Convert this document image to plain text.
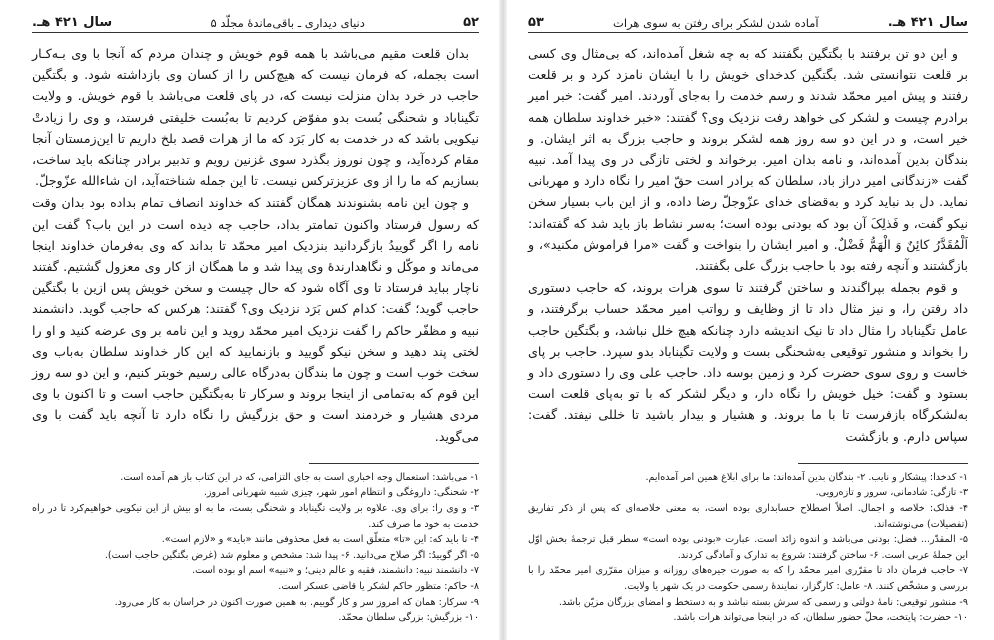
۵۲
دنیای دیداری ـ باقی‌ماندهٔ مجلّد ۵
سال ۴۲۱ هـ.

بدان قلعت مقیم می‌باشد با همه قوم خویش و چندان مردم که آنجا با وی بـه‌کـار است بجمله، که فرمان نیست که هیچ‌کس را از کسان وی بازداشته شود. و بگتگین حاجب در خرد بدان منزلت نیست که، در پای قلعت می‌باشد با قوم خویش. و ولایت تگیناباد و شحنگی بُست بدو مفوّض کردیم تا به‌بُست خلیفتی فرستد، و وی را زیادتْ نیکویی باشد که در خدمت به کار بَرَد که ما از هرات قصد بلخ داریم تا این‌زمستان آنجا مقام کرده‌آید، و چون نوروز بگذرد سوی غزنین رویم و تدبیر برادر چنانکه باید ساخت، بسازیم که ما را از وی عزیزترکس نیست. تا این جمله شناخته‌آید، ان شاءالله عزّوجلّ.

و چون این نامه بشنوندند همگان گفتند که خداوند انصاف تمام بداده بود بدان وقت که رسول فرستاد واکنون تمامتر بداد، حاجب چه دیده است در این باب؟ گفت این نامه را اگر گوییدُ بازگردانید بنزدیک امیر محمّد تا بداند که وی به‌فرمان خداوند اینجا می‌ماند و موکّل و نگاهدارندهٔ وی پیدا شد و ما همگان از کار وی معزول گشتیم. گفتند ناچار بباید فرستاد تا وی آگاه شود که حال چیست و سخن خویش پس ازین با بگتگین حاجب گوید؛ گفت: کدام کس بَرَد نزدیک وی؟ گفتند: هرکس که حاجب گوید. دانشمند نبیه و مظفّر حاکم را گفت نزدیک امیر محمّد روید و این نامه بر وی عرضه کنید و او را لختی پند دهید و سخن نیکو گویید و بازنمایید که این کار خداوند سلطان به‌باب وی سخت خوب است و چون ما بندگان به‌درگاه عالی رسیم خوبتر کنیم، و این دو سه روز این قوم که به‌تمامی از اینجا بروند و سرکار تا به‌بگتگین حاجب است و تا اکنون با وی مردی هشیار و خردمند است و حق بزرگیش را نگاه دارد تا آنچه باید گفت با وی می‌گوید.

۱- می‌باشد: استعمال وجه اخباری است به جای التزامی، که در این کتاب باز هم آمده است.
۲- شحنگی: داروغگی و انتظام امور شهر، چیزی شبیه شهربانی امروز.
۳- و وی را: برای وی. علاوه بر ولایت تگیناباد و شحنگی بست، ما به او بیش از این نیکویی خواهیم‌کرد تا در راه خدمت به خود ما صرف کند.
۴- تا باید که: این «تا» متعلّق است به فعل محذوفی مانند «باید» و «لازم است».
۵- اگر گوییدُ: اگر صلاح می‌دانید. ۶- پیدا شد: مشخص و معلوم شد (غرض بگتگین حاجب است).
۷- دانشمند نبیه: دانشمند، فقیه و عالم دینی؛ و «نبیه» اسم او بوده است.
۸- حاکم: متظور حاکم لشکر یا قاضی عسکر است.
۹- سرکار: همان که امروز سر و کار گوییم. به همین صورت اکنون در خراسان به کار می‌رود.
۱۰- بزرگیش: بزرگی سلطان محمّد.
سال ۴۲۱ هـ.
آماده شدن لشکر برای رفتن به سوی هرات
۵۳

و این دو تن برفتند با بگتگین بگفتند که به چه شغل آمده‌اند، که بی‌مثال وی کسی بر قلعت نتوانستی شد. بگتگین کدخدای خویش را با ایشان نامزد کرد و بر قلعت رفتند و پیش امیر محمّد شدند و رسم خدمت را به‌جای آوردند. امیر گفت: خبر امیر برادرم چیست و لشکر کی خواهد رفت نزدیک وی؟ گفتند: «خبر خداوند سلطان همه خیر است، و در این دو سه روز همه لشکر بروند و حاجب بزرگ به اثر ایشان. و بندگان بدین آمده‌اند، و نامه بدان امیر. برخواند و لختی تازگی در وی پیدا آمد. نبیه گفت «زندگانی امیر دراز باد، سلطان که برادر است حقّ امیر را نگاه دارد و مهربانی نماید. دل بد نباید کرد و به‌قضای خدای عزّوجلّ رضا داده، و از این باب بسیار سخن نیکو گفت، و فَذلِکَ آن بود که بودنی بوده است؛ به‌سر نشاط باز باید شد که گفته‌اند: اَلْمُقَدَّرُ کائِنٌ وَ الْهَمُّ فَضْلٌ. و امیر ایشان را بنواخت و گفت «مرا فراموش مکنید»، و بازگشتند و آنچه رفته بود با حاجب بزرگ علی بگفتند.

و قوم بجمله بپراگندند و ساختن گرفتند تا سوی هرات بروند، که حاجب دستوری داد رفتن را، و نیز مثال داد تا از وظایف و رواتب امیر محمّد حساب برگرفتند، و عامل تگیناباد را مثال داد تا نیک اندیشه دارد چنانکه هیچ خلل نباشد، و بگتگین حاجب را بخواند و منشور توقیعی به‌شحنگی بست و ولایت تگیناباد بدو سپرد. حاجب بر پای خاست و روی سوی حضرت کرد و زمین بوسه داد. حاجب علی وی را دستوری داد و بستود و گفت: خیل خویش را نگاه دار، و دیگر لشکر که با تو به‌پای قلعت است به‌لشکرگاه بازفرست تا با ما بروند. و هشیار و بیدار باشید تا خللی نیفتد. گفت: سپاس دارم. و بازگشت

۱- کدخدا: پیشکار و نایب. ۲- بندگان بدین آمده‌اند: ما برای ابلاغ همین امر آمده‌ایم.
۳- تازگی: شادمانی، سرور و تازه‌رویی.
۴- فذلک: خلاصه و اجمال. اصلاً اصطلاح حسابداری بوده است، به معنی خلاصه‌ای که پس از ذکر تفاریق (تفصیلات) می‌نوشته‌اند.
۵- المقدّر... فضل: بودنی می‌باشد و اندوه زائد است. عبارت «بودنی بوده است» سطر قبل ترجمهٔ بخش اوّل این جملهٔ عربی است. ۶- ساختن گرفتند: شروع به تدارک و آمادگی کردند.
۷- حاجب فرمان داد تا مقرّری امیر محمّد را که به صورت جیره‌های روزانه و میزان مقرّری امیر محمّد را با بررسی و مشخّص کنند. ۸- عامل: کارگزار، نمایندهٔ رسمی حکومت در یک شهر یا ولایت.
۹- منشور توقیعی: نامهٔ دولتی و رسمی که سرش بسته نباشد و به دستخط و امضای بزرگان مزیّن باشد.
۱۰- حضرت: پایتخت، محلّ حضور سلطان، که در اینجا می‌تواند هرات باشد.
